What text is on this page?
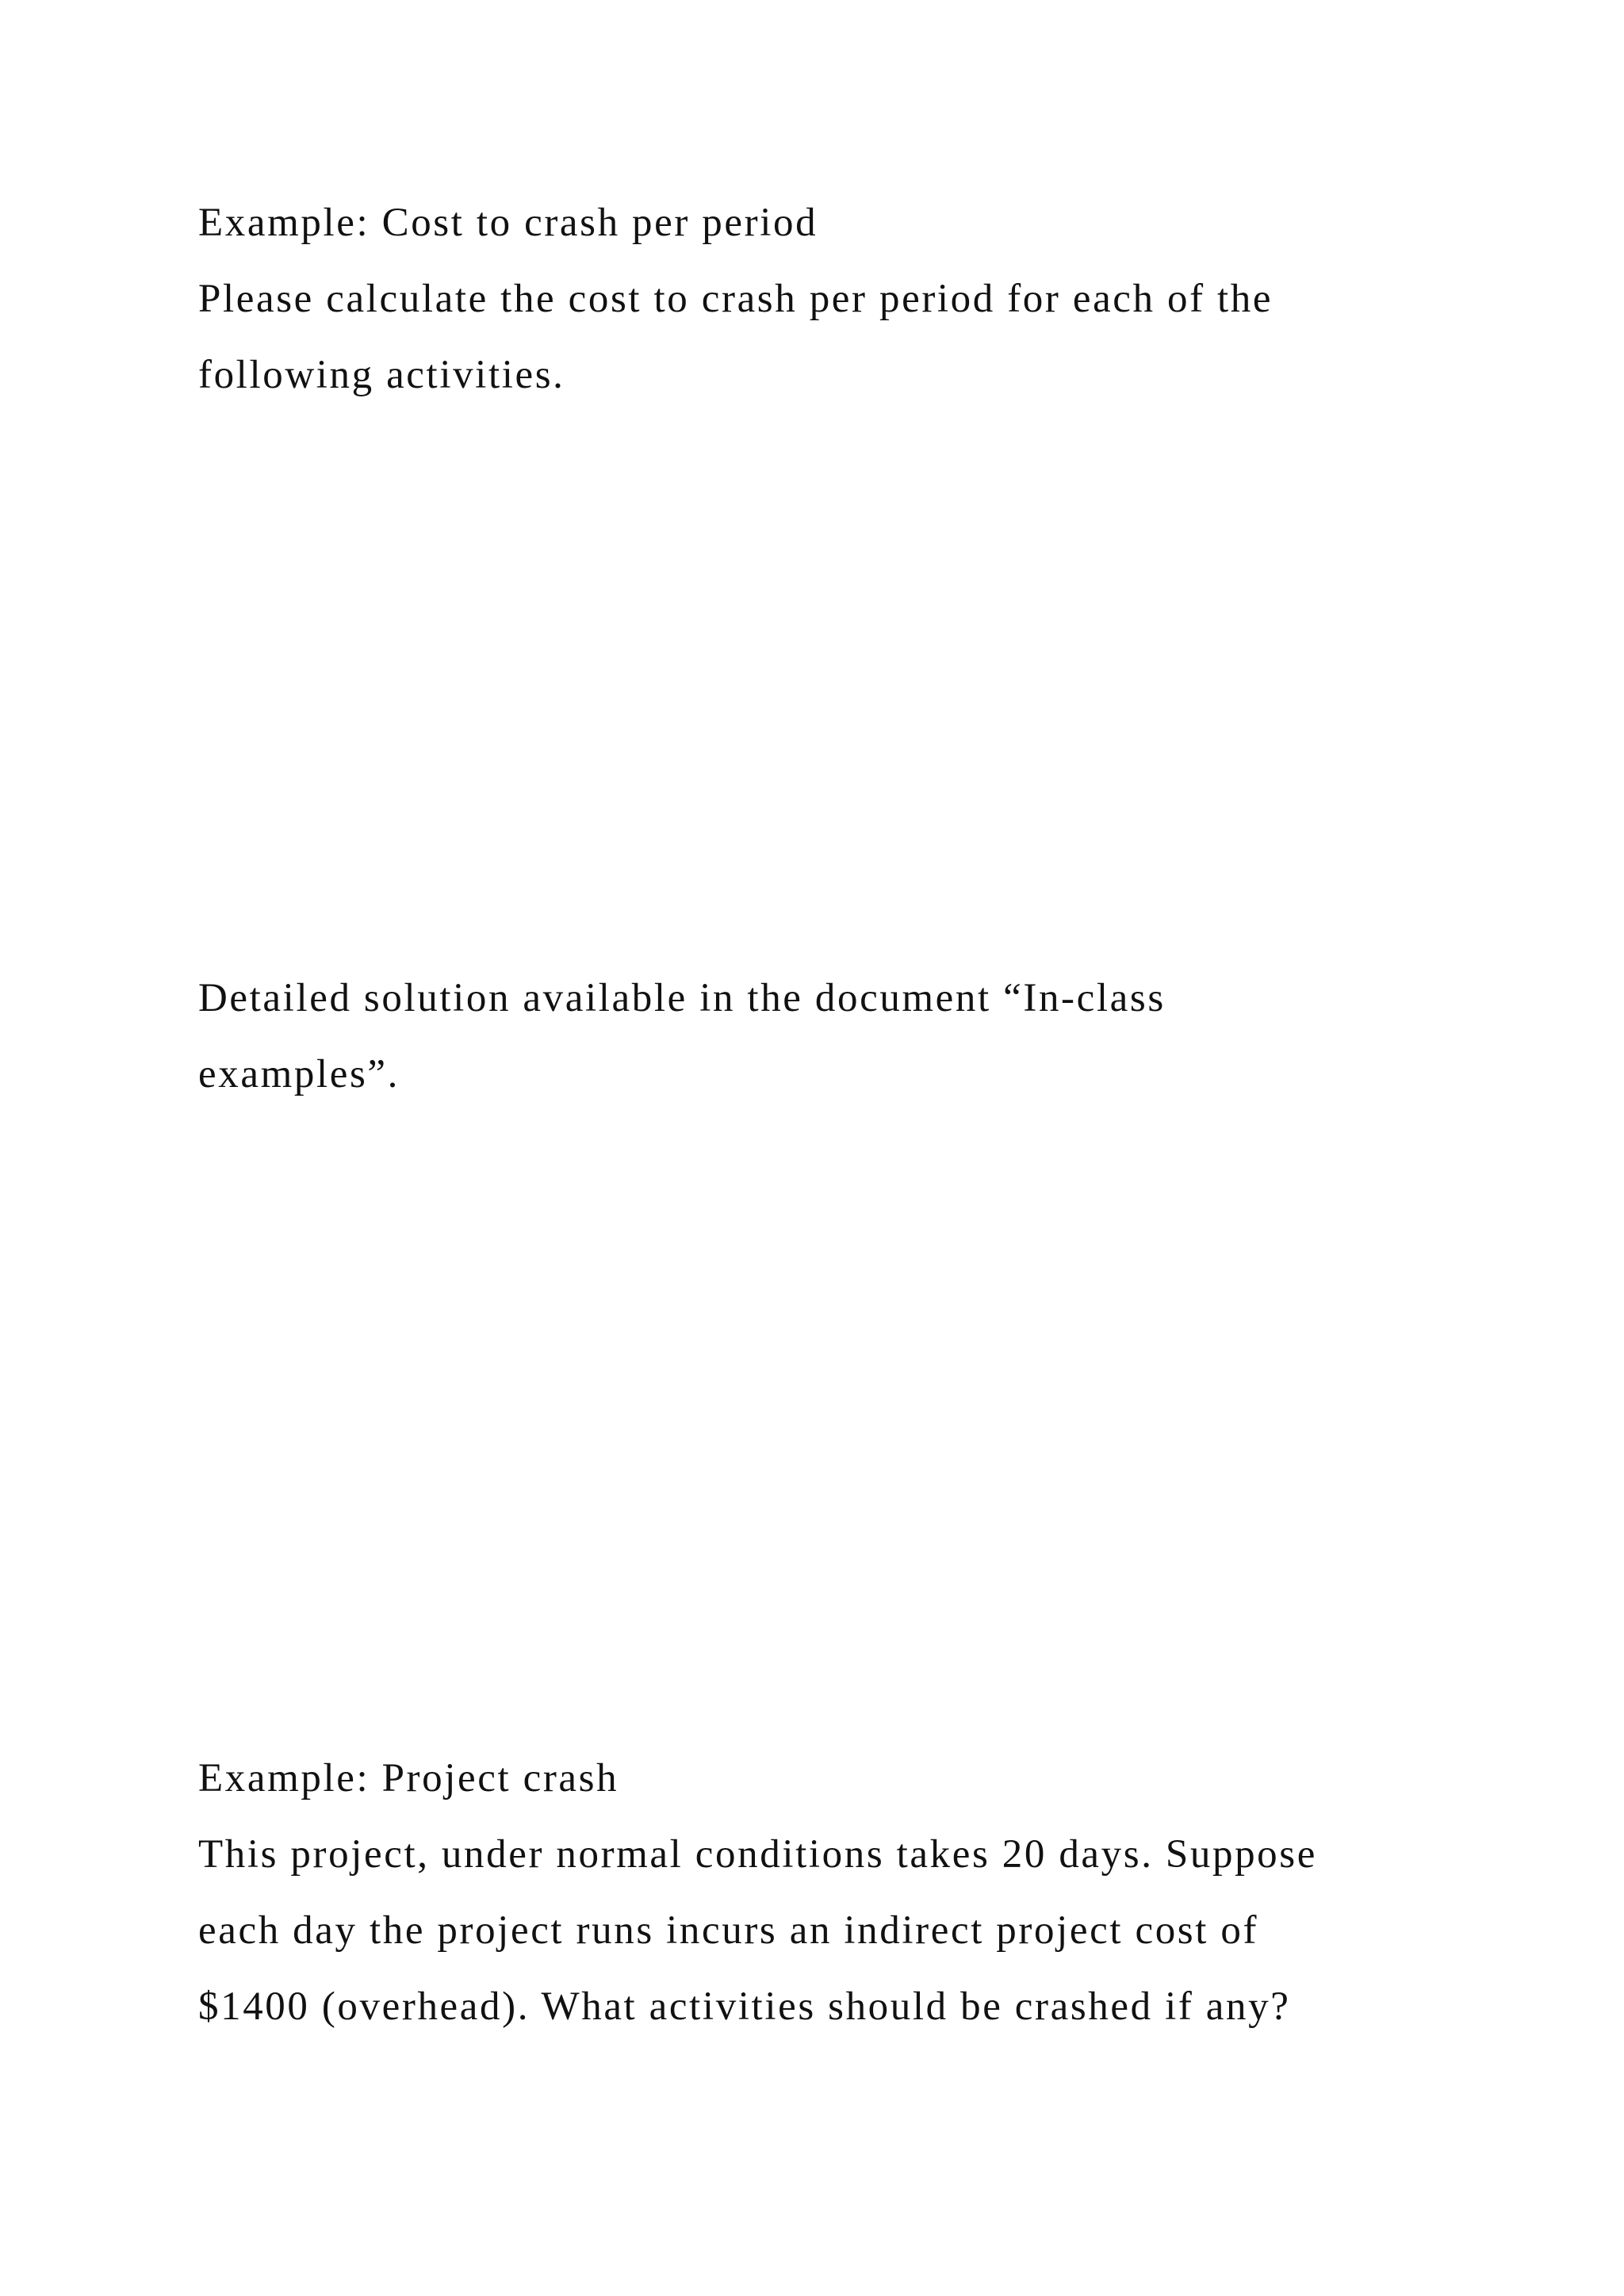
Example: Cost to crash per period

Please calculate the cost to crash per period for each of the

following activities.

Detailed solution available in the document “In-class

examples”.

Example: Project crash

This project, under normal conditions takes 20 days. Suppose

each day the project runs incurs an indirect project cost of

$1400 (overhead). What activities should be crashed if any?
